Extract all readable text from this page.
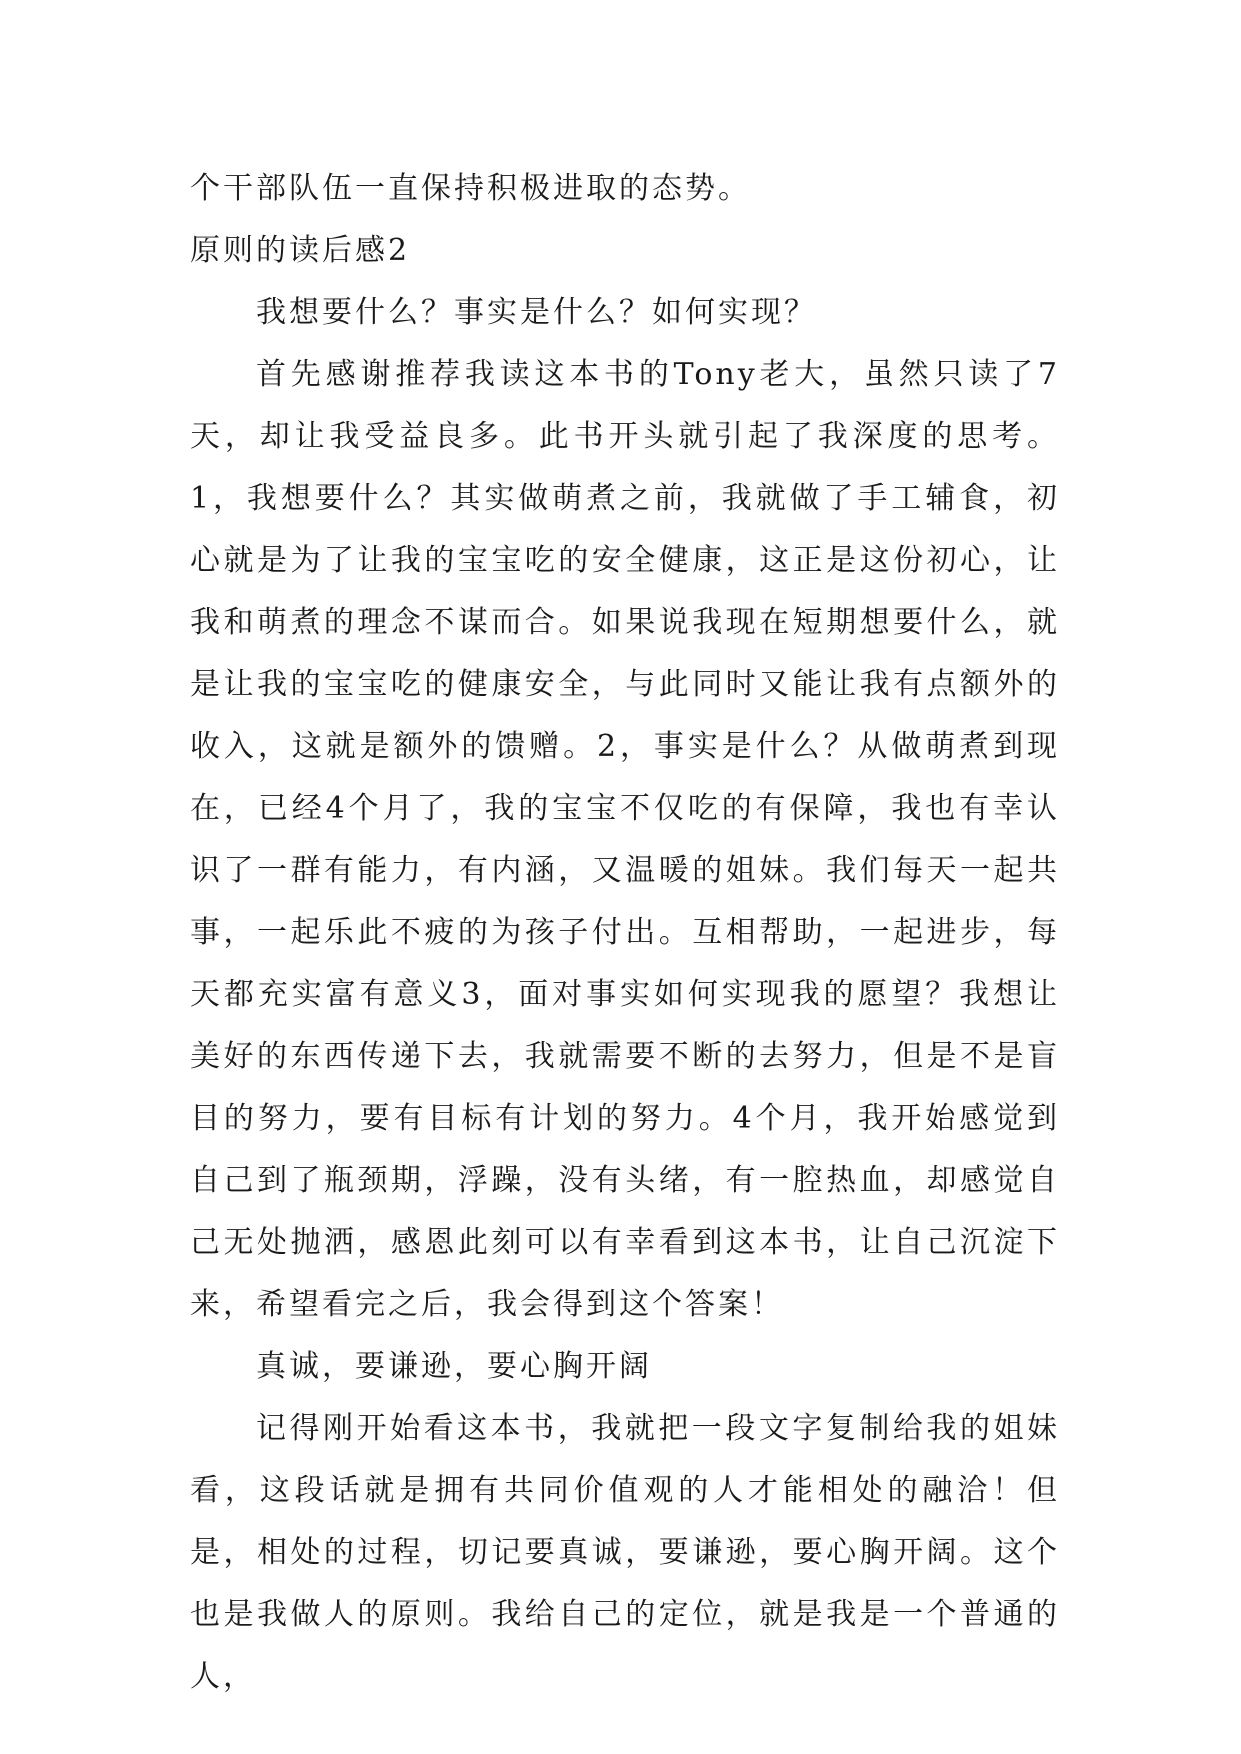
个干部队伍一直保持积极进取的态势。

原则的读后感2

我想要什么？事实是什么？如何实现？

首先感谢推荐我读这本书的Tony老大，虽然只读了7天，却让我受益良多。此书开头就引起了我深度的思考。1，我想要什么？其实做萌煮之前，我就做了手工辅食，初心就是为了让我的宝宝吃的安全健康，这正是这份初心，让我和萌煮的理念不谋而合。如果说我现在短期想要什么，就是让我的宝宝吃的健康安全，与此同时又能让我有点额外的收入，这就是额外的馈赠。2，事实是什么？从做萌煮到现在，已经4个月了，我的宝宝不仅吃的有保障，我也有幸认识了一群有能力，有内涵，又温暖的姐妹。我们每天一起共事，一起乐此不疲的为孩子付出。互相帮助，一起进步，每天都充实富有意义3，面对事实如何实现我的愿望？我想让美好的东西传递下去，我就需要不断的去努力，但是不是盲目的努力，要有目标有计划的努力。4个月，我开始感觉到自己到了瓶颈期，浮躁，没有头绪，有一腔热血，却感觉自己无处抛洒，感恩此刻可以有幸看到这本书，让自己沉淀下来，希望看完之后，我会得到这个答案！

真诚，要谦逊，要心胸开阔

记得刚开始看这本书，我就把一段文字复制给我的姐妹看，这段话就是拥有共同价值观的人才能相处的融洽！但是，相处的过程，切记要真诚，要谦逊，要心胸开阔。这个也是我做人的原则。我给自己的定位，就是我是一个普通的人，
